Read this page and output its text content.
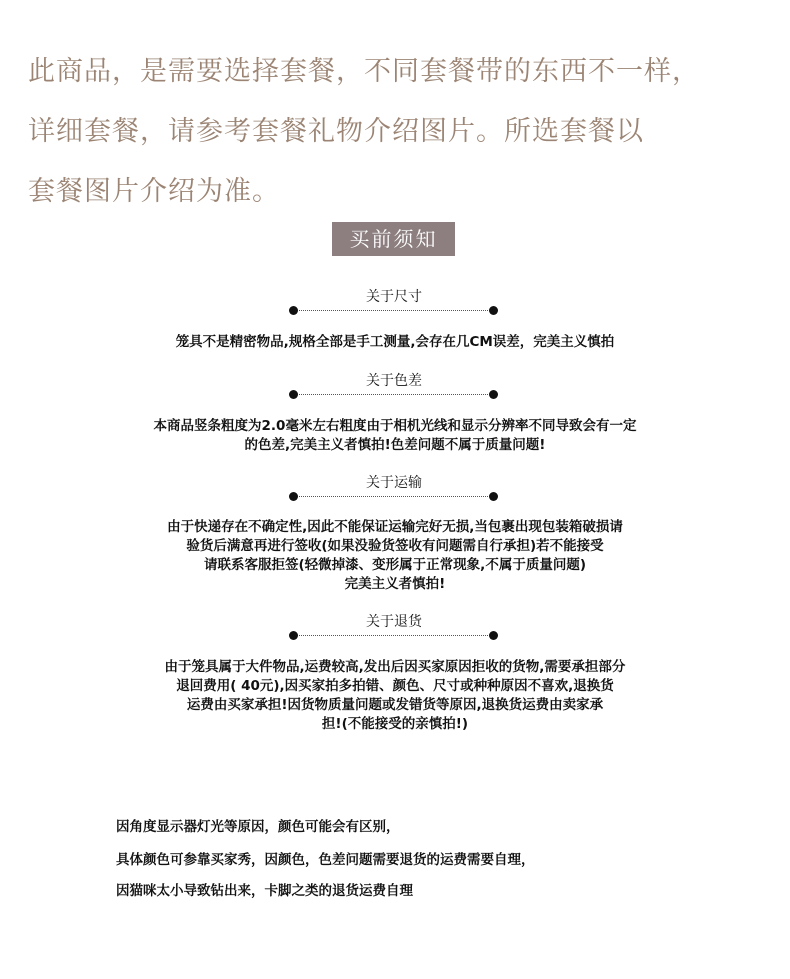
此商品，是需要选择套餐，不同套餐带的东西不一样，
详细套餐，请参考套餐礼物介绍图片。所选套餐以
套餐图片介绍为准。
买前须知
关于尺寸
笼具不是精密物品,规格全部是手工测量,会存在几CM误差，完美主义慎拍
关于色差
本商品竖条粗度为2.0毫米左右粗度由于相机光线和显示分辨率不同导致会有一定
的色差,完美主义者慎拍!色差问题不属于质量问题!
关于运输
由于快递存在不确定性,因此不能保证运输完好无损,当包裹出现包装箱破损请
验货后满意再进行签收(如果没验货签收有问题需自行承担)若不能接受
请联系客服拒签(轻微掉漆、变形属于正常现象,不属于质量问题)
完美主义者慎拍!
关于退货
由于笼具属于大件物品,运费较高,发出后因买家原因拒收的货物,需要承担部分
退回费用( 40元),因买家拍多拍错、颜色、尺寸或种种原因不喜欢,退换货
运费由买家承担!因货物质量问题或发错货等原因,退换货运费由卖家承
担!(不能接受的亲慎拍!)
因角度显示器灯光等原因，颜色可能会有区别，
具体颜色可参靠买家秀，因颜色，色差问题需要退货的运费需要自理，
因猫咪太小导致钻出来，卡脚之类的退货运费自理
